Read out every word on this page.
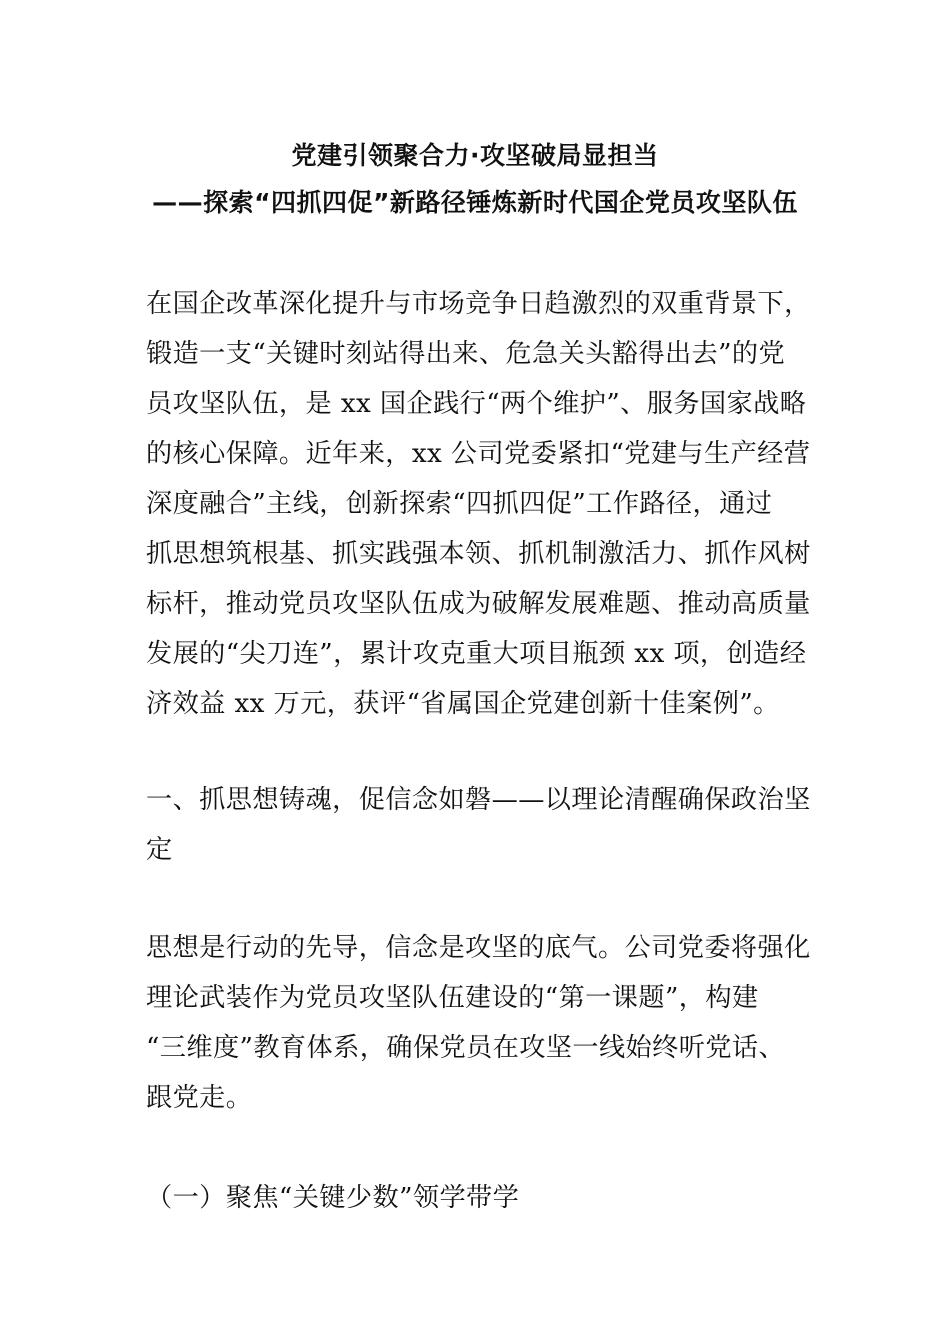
党建引领聚合力·攻坚破局显担当
——探索“四抓四促”新路径锤炼新时代国企党员攻坚队伍
在国企改革深化提升与市场竞争日趋激烈的双重背景下，
锻造一支“关键时刻站得出来、危急关头豁得出去”的党
员攻坚队伍，是 xx 国企践行“两个维护”、服务国家战略
的核心保障。近年来，xx 公司党委紧扣“党建与生产经营
深度融合”主线，创新探索“四抓四促”工作路径，通过
抓思想筑根基、抓实践强本领、抓机制激活力、抓作风树
标杆，推动党员攻坚队伍成为破解发展难题、推动高质量
发展的“尖刀连”，累计攻克重大项目瓶颈 xx 项，创造经
济效益 xx 万元，获评“省属国企党建创新十佳案例”。
一、抓思想铸魂，促信念如磐——以理论清醒确保政治坚
定
思想是行动的先导，信念是攻坚的底气。公司党委将强化
理论武装作为党员攻坚队伍建设的“第一课题”，构建
“三维度”教育体系，确保党员在攻坚一线始终听党话、
跟党走。
（一）聚焦“关键少数”领学带学
